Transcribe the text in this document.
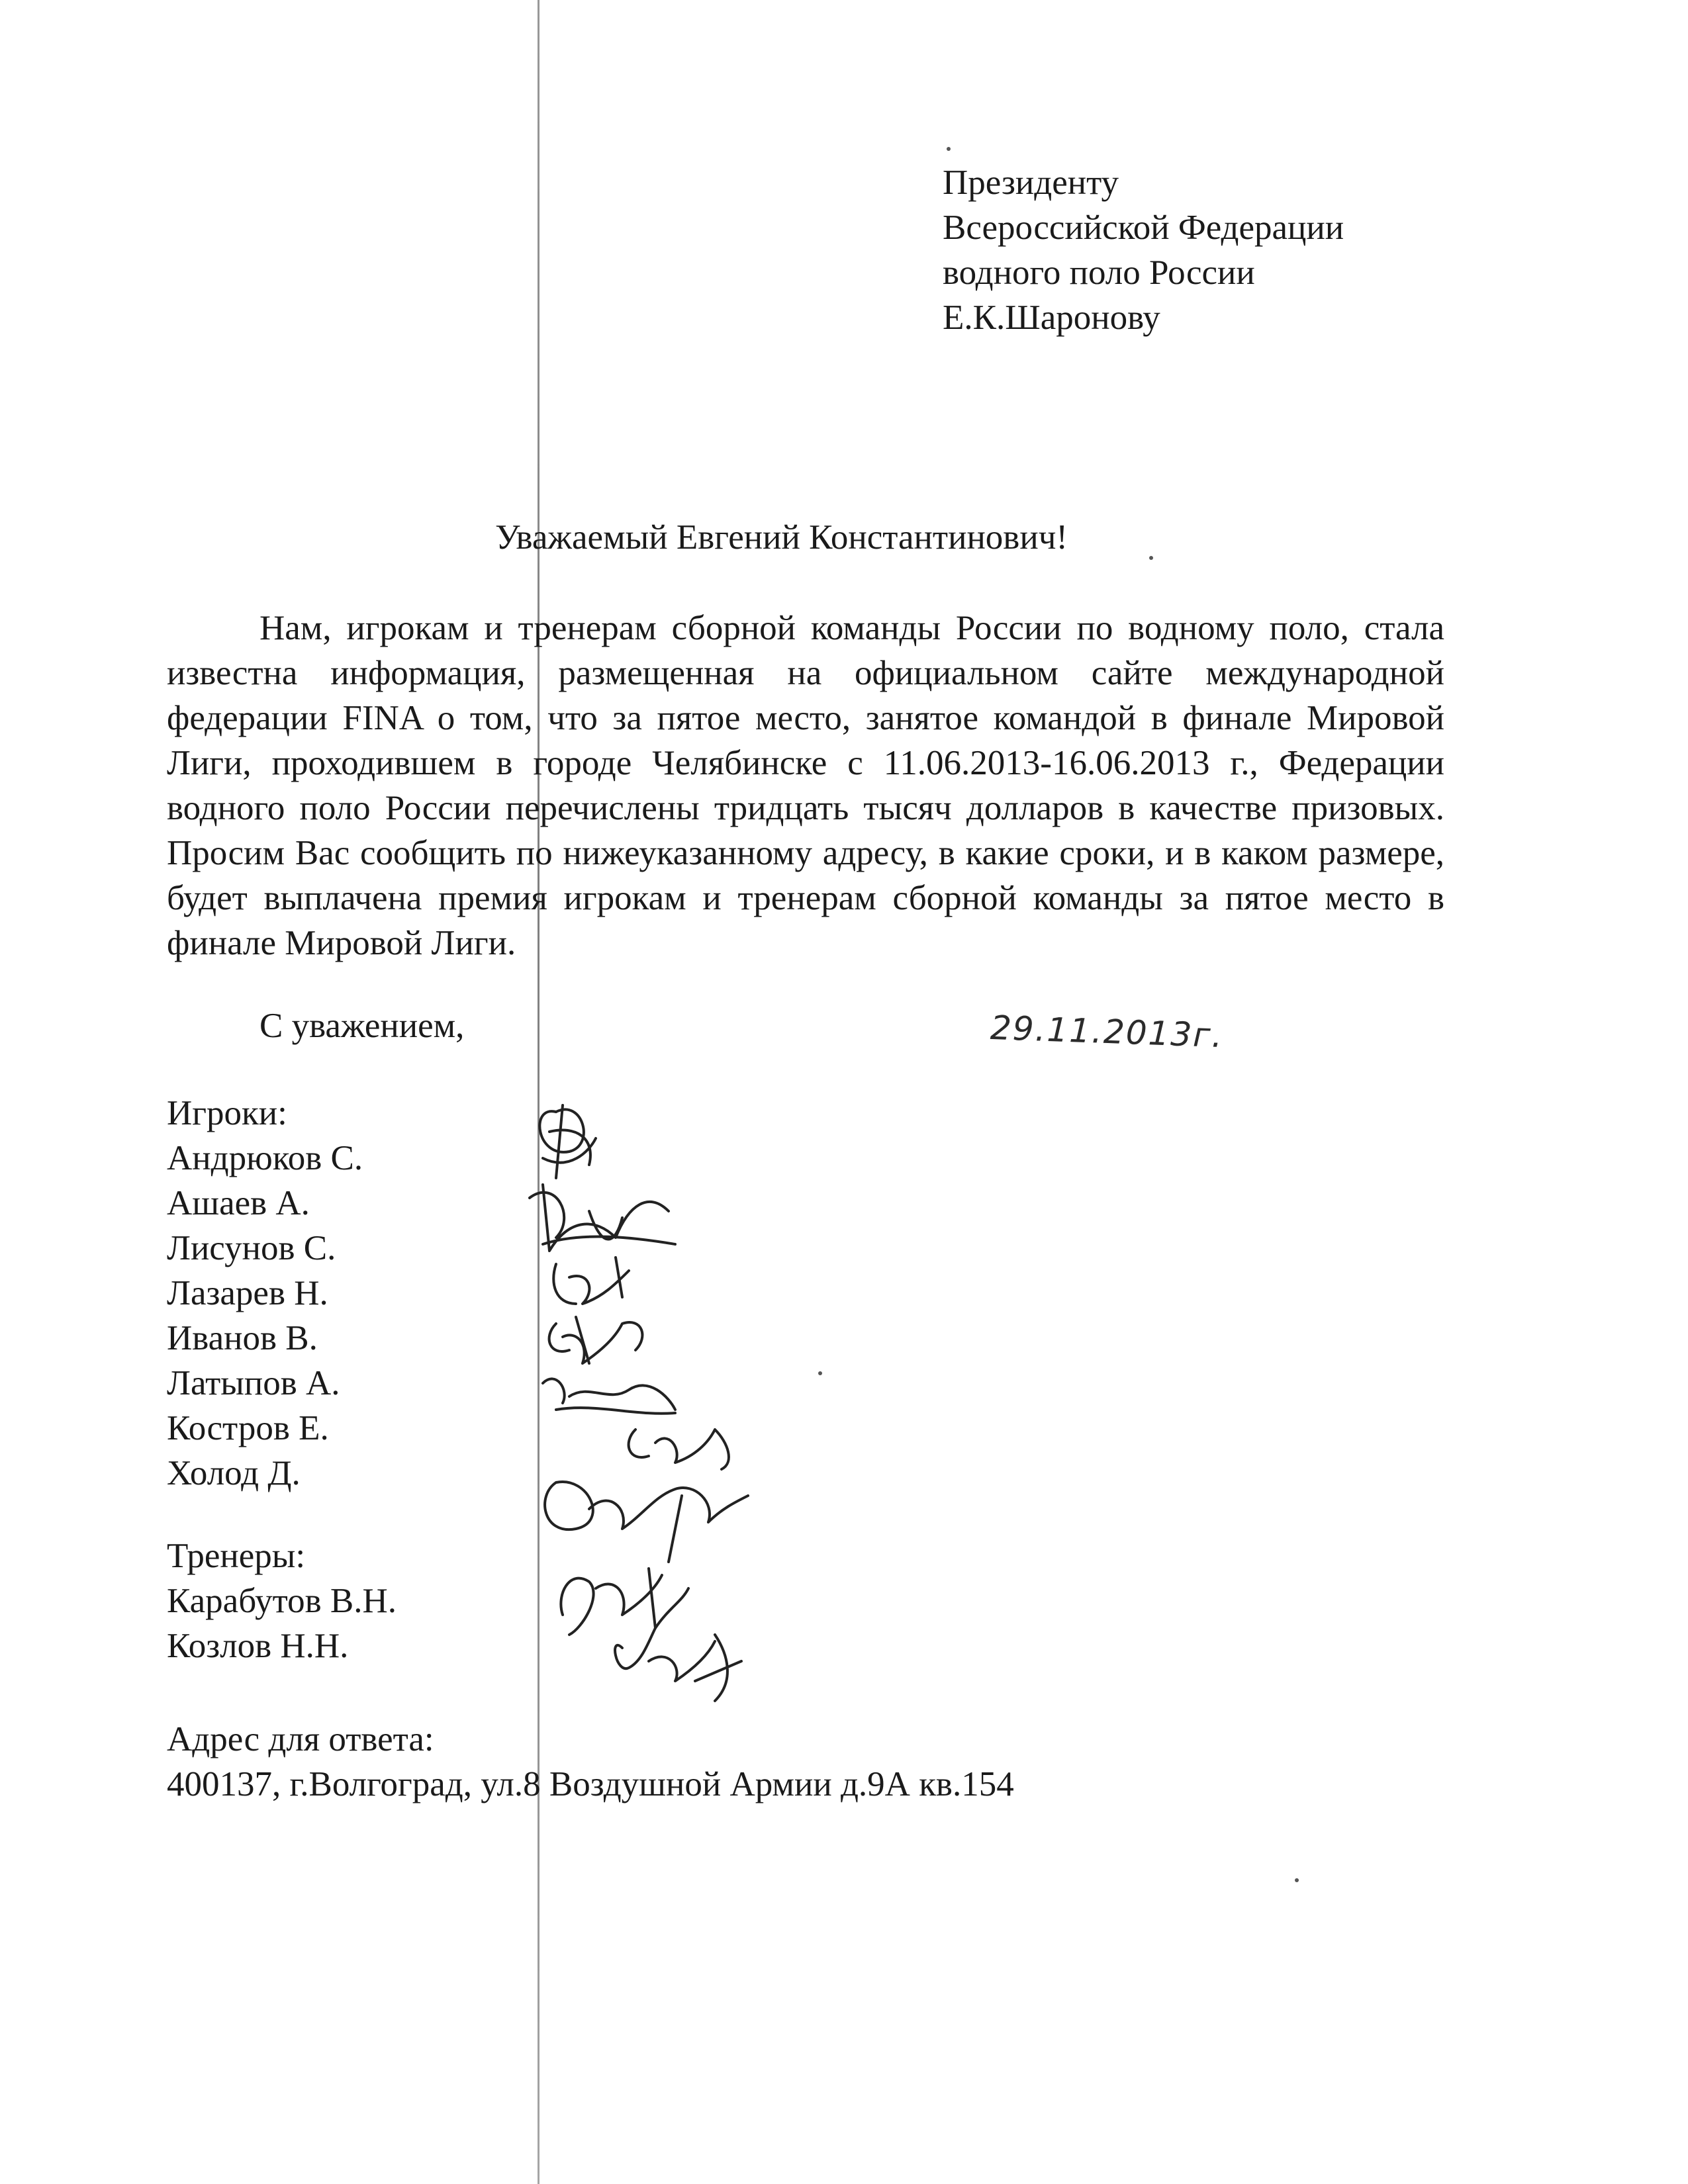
Президенту
Всероссийской Федерации
водного поло России
Е.К.Шаронову
Уважаемый Евгений Константинович!
Нам, игрокам и тренерам сборной команды России по водному поло, стала известна информация, размещенная на официальном сайте международной федерации FINA о том, что за пятое место, занятое командой в финале Мировой Лиги, проходившем в городе Челябинске с 11.06.2013-16.06.2013 г., Федерации водного поло России перечислены тридцать тысяч долларов в качестве призовых. Просим Вас сообщить по нижеуказанному адресу, в какие сроки, и в каком размере, будет выплачена премия игрокам и тренерам сборной команды за пятое место в финале Мировой Лиги.
С уважением,	29.11.2013г.
Игроки:
Андрюков С.
Ашаев А.
Лисунов С.
Лазарев Н.
Иванов В.
Латыпов А.
Костров Е.
Холод Д.
Тренеры:
Карабутов В.Н.
Козлов Н.Н.
Адрес для ответа:
400137, г.Волгоград, ул.8 Воздушной Армии д.9А кв.154
